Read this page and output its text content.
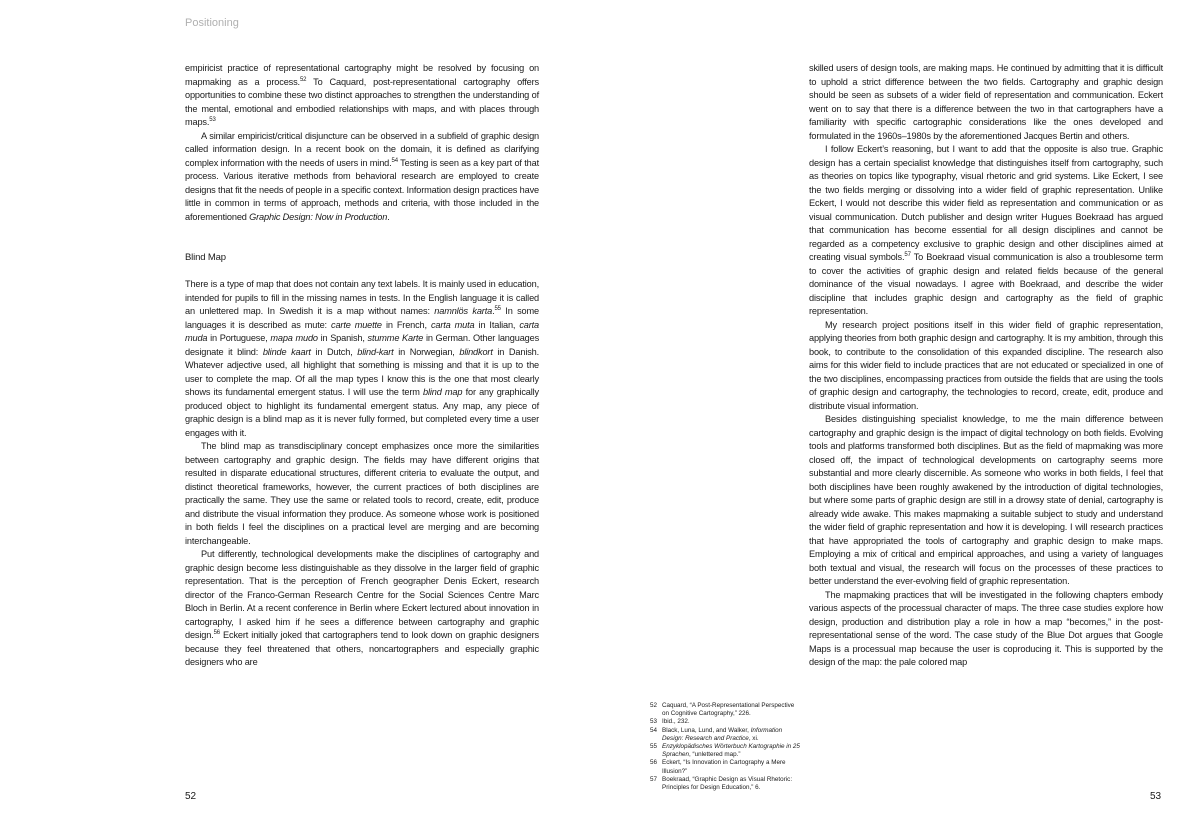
Positioning

empiricist practice of representational cartography might be resolved by focusing on mapmaking as a process.$^{52}$ To Caquard, post-representational cartography offers opportunities to combine these two distinct approaches to strengthen the understanding of the mental, emotional and embodied relationships with maps, and with places through maps.$^{53}$

A similar empiricist/critical disjuncture can be observed in a subfield of graphic design called information design. In a recent book on the domain, it is defined as clarifying complex information with the needs of users in mind.$^{54}$ Testing is seen as a key part of that process. Various iterative methods from behavioral research are employed to create designs that fit the needs of people in a specific context. Information design practices have little in common in terms of approach, methods and criteria, with those included in the aforementioned Graphic Design: Now in Production.

Blind Map

There is a type of map that does not contain any text labels. It is mainly used in education, intended for pupils to fill in the missing names in tests. In the English language it is called an unlettered map. In Swedish it is a map without names: namnlös karta.$^{55}$ In some languages it is described as mute: carte muette in French, carta muta in Italian, carta muda in Portuguese, mapa mudo in Spanish, stumme Karte in German. Other languages designate it blind: blinde kaart in Dutch, blind-kart in Norwegian, blindkort in Danish. Whatever adjective used, all highlight that something is missing and that it is up to the user to complete the map. Of all the map types I know this is the one that most clearly shows its fundamental emergent status. I will use the term blind map for any graphically produced object to highlight its fundamental emergent status. Any map, any piece of graphic design is a blind map as it is never fully formed, but completed every time a user engages with it.

The blind map as transdisciplinary concept emphasizes once more the similarities between cartography and graphic design. The fields may have different origins that resulted in disparate educational structures, different criteria to evaluate the output, and distinct theoretical frameworks, however, the current practices of both disciplines are practically the same. They use the same or related tools to record, create, edit, produce and distribute the visual information they produce. As someone whose work is positioned in both fields I feel the disciplines on a practical level are merging and are becoming interchangeable.

Put differently, technological developments make the disciplines of cartography and graphic design become less distinguishable as they dissolve in the larger field of graphic representation. That is the perception of French geographer Denis Eckert, research director of the Franco-German Research Centre for the Social Sciences Centre Marc Bloch in Berlin. At a recent conference in Berlin where Eckert lectured about innovation in cartography, I asked him if he sees a difference between cartography and graphic design.$^{56}$ Eckert initially joked that cartographers tend to look down on graphic designers because they feel threatened that others, noncartographers and especially graphic designers who are

skilled users of design tools, are making maps. He continued by admitting that it is difficult to uphold a strict difference between the two fields. Cartography and graphic design should be seen as subsets of a wider field of representation and communication. Eckert went on to say that there is a difference between the two in that cartographers have a familiarity with specific cartographic considerations like the ones developed and formulated in the 1960s–1980s by the aforementioned Jacques Bertin and others.

I follow Eckert’s reasoning, but I want to add that the opposite is also true. Graphic design has a certain specialist knowledge that distinguishes itself from cartography, such as theories on topics like typography, visual rhetoric and grid systems. Like Eckert, I see the two fields merging or dissolving into a wider field of graphic representation. Unlike Eckert, I would not describe this wider field as representation and communication or as visual communication. Dutch publisher and design writer Hugues Boekraad has argued that communication has become essential for all design disciplines and cannot be regarded as a competency exclusive to graphic design and other disciplines aimed at creating visual symbols.$^{57}$ To Boekraad visual communication is also a troublesome term to cover the activities of graphic design and related fields because of the general dominance of the visual nowadays. I agree with Boekraad, and describe the wider discipline that includes graphic design and cartography as the field of graphic representation.

My research project positions itself in this wider field of graphic representation, applying theories from both graphic design and cartography. It is my ambition, through this book, to contribute to the consolidation of this expanded discipline. The research also aims for this wider field to include practices that are not educated or specialized in one of the two disciplines, encompassing practices from outside the fields that are using the tools of graphic design and cartography, the technologies to record, create, edit, produce and distribute visual information.

Besides distinguishing specialist knowledge, to me the main difference between cartography and graphic design is the impact of digital technology on both fields. Evolving tools and platforms transformed both disciplines. But as the field of mapmaking was more closed off, the impact of technological developments on cartography seems more substantial and more clearly discernible. As someone who works in both fields, I feel that both disciplines have been roughly awakened by the introduction of digital technologies, but where some parts of graphic design are still in a drowsy state of denial, cartography is already wide awake. This makes mapmaking a suitable subject to study and understand the wider field of graphic representation and how it is developing. I will research practices that have appropriated the tools of cartography and graphic design to make maps. Employing a mix of critical and empirical approaches, and using a variety of languages both textual and visual, the research will focus on the processes of these practices to better understand the ever-evolving field of graphic representation.

The mapmaking practices that will be investigated in the following chapters embody various aspects of the processual character of maps. The three case studies explore how design, production and distribution play a role in how a map “becomes,” in the post-representational sense of the word. The case study of the Blue Dot argues that Google Maps is a processual map because the user is coproducing it. This is supported by the design of the map: the pale colored map

52 Caquard, “A Post-Representational Perspective on Cognitive Cartography,” 226.
53 Ibid., 232.
54 Black, Luna, Lund, and Walker, Information Design: Research and Practice, xi.
55 Enzyklopädisches Wörterbuch Kartographie in 25 Sprachen, “unlettered map.”
56 Eckert, “Is Innovation in Cartography a Mere Illusion?”
57 Boekraad, “Graphic Design as Visual Rhetoric: Principles for Design Education,” 6.

52	53
